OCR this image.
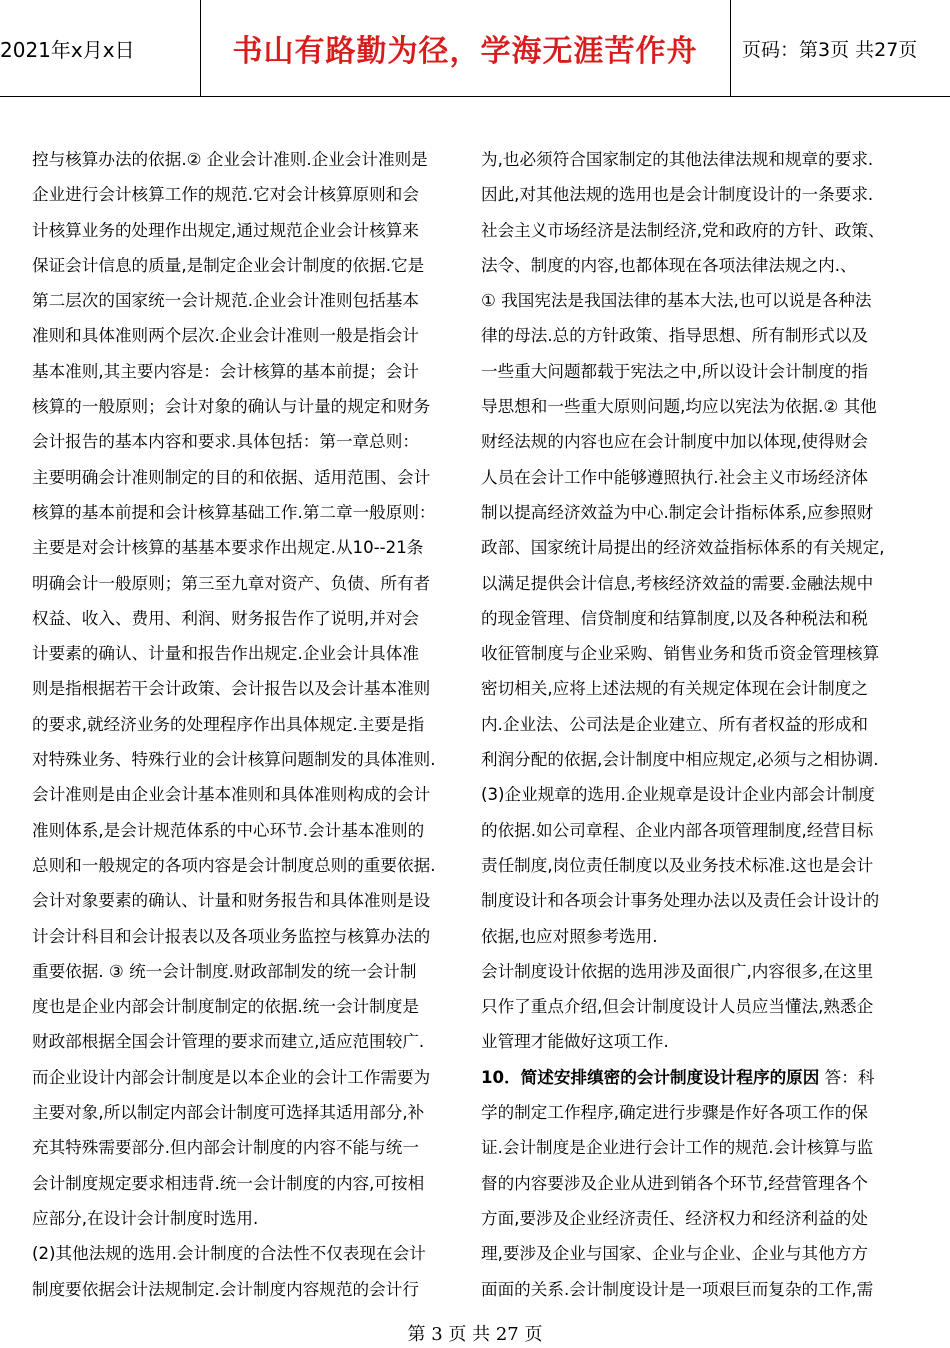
2021年x月x日	书山有路勤为径，学海无涯苦作舟	页码：第3页 共27页
控与核算办法的依据.② 企业会计准则.企业会计准则是
企业进行会计核算工作的规范.它对会计核算原则和会
计核算业务的处理作出规定,通过规范企业会计核算来
保证会计信息的质量,是制定企业会计制度的依据.它是
第二层次的国家统一会计规范.企业会计准则包括基本
准则和具体准则两个层次.企业会计准则一般是指会计
基本准则,其主要内容是：会计核算的基本前提；会计
核算的一般原则；会计对象的确认与计量的规定和财务
会计报告的基本内容和要求.具体包括：第一章总则：
主要明确会计准则制定的目的和依据、适用范围、会计
核算的基本前提和会计核算基础工作.第二章一般原则：
主要是对会计核算的基基本要求作出规定.从10--21条
明确会计一般原则；第三至九章对资产、负债、所有者
权益、收入、费用、利润、财务报告作了说明,并对会
计要素的确认、计量和报告作出规定.企业会计具体准
则是指根据若干会计政策、会计报告以及会计基本准则
的要求,就经济业务的处理程序作出具体规定.主要是指
对特殊业务、特殊行业的会计核算问题制发的具体准则.
会计准则是由企业会计基本准则和具体准则构成的会计
准则体系,是会计规范体系的中心环节.会计基本准则的
总则和一般规定的各项内容是会计制度总则的重要依据.
会计对象要素的确认、计量和财务报告和具体准则是设
计会计科目和会计报表以及各项业务监控与核算办法的
重要依据. ③ 统一会计制度.财政部制发的统一会计制
度也是企业内部会计制度制定的依据.统一会计制度是
财政部根据全国会计管理的要求而建立,适应范围较广.
而企业设计内部会计制度是以本企业的会计工作需要为
主要对象,所以制定内部会计制度可选择其适用部分,补
充其特殊需要部分.但内部会计制度的内容不能与统一
会计制度规定要求相违背.统一会计制度的内容,可按相
应部分,在设计会计制度时选用.
(2)其他法规的选用.会计制度的合法性不仅表现在会计
制度要依据会计法规制定.会计制度内容规范的会计行
为,也必须符合国家制定的其他法律法规和规章的要求.
因此,对其他法规的选用也是会计制度设计的一条要求.
社会主义市场经济是法制经济,党和政府的方针、政策、
法令、制度的内容,也都体现在各项法律法规之内.、
① 我国宪法是我国法律的基本大法,也可以说是各种法
律的母法.总的方针政策、指导思想、所有制形式以及
一些重大问题都载于宪法之中,所以设计会计制度的指
导思想和一些重大原则问题,均应以宪法为依据.② 其他
财经法规的内容也应在会计制度中加以体现,使得财会
人员在会计工作中能够遵照执行.社会主义市场经济体
制以提高经济效益为中心.制定会计指标体系,应参照财
政部、国家统计局提出的经济效益指标体系的有关规定,
以满足提供会计信息,考核经济效益的需要.金融法规中
的现金管理、信贷制度和结算制度,以及各种税法和税
收征管制度与企业采购、销售业务和货币资金管理核算
密切相关,应将上述法规的有关规定体现在会计制度之
内.企业法、公司法是企业建立、所有者权益的形成和
利润分配的依据,会计制度中相应规定,必须与之相协调.
(3)企业规章的选用.企业规章是设计企业内部会计制度
的依据.如公司章程、企业内部各项管理制度,经营目标
责任制度,岗位责任制度以及业务技术标准.这也是会计
制度设计和各项会计事务处理办法以及责任会计设计的
依据,也应对照参考选用.
会计制度设计依据的选用涉及面很广,内容很多,在这里
只作了重点介绍,但会计制度设计人员应当懂法,熟悉企
业管理才能做好这项工作.
10．简述安排缜密的会计制度设计程序的原因 答：科
学的制定工作程序,确定进行步骤是作好各项工作的保
证.会计制度是企业进行会计工作的规范.会计核算与监
督的内容要涉及企业从进到销各个环节,经营管理各个
方面,要涉及企业经济责任、经济权力和经济利益的处
理,要涉及企业与国家、企业与企业、企业与其他方方
面面的关系.会计制度设计是一项艰巨而复杂的工作,需
第 3 页 共 27 页
